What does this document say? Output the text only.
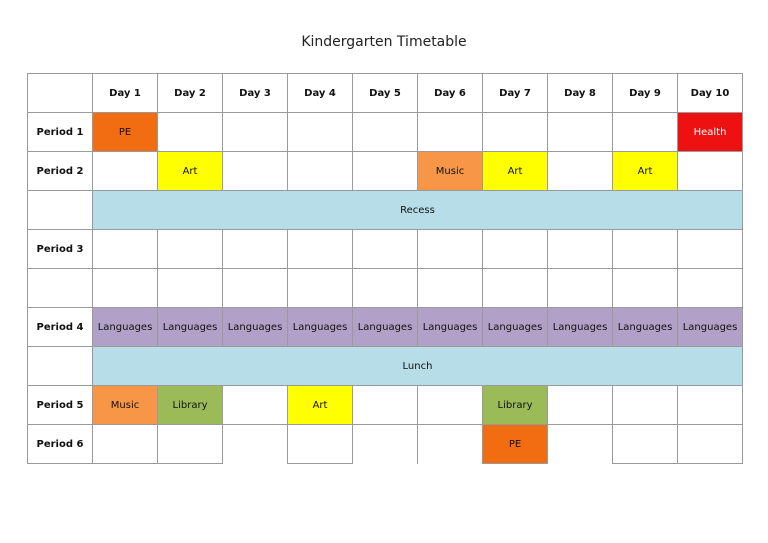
Kindergarten Timetable
	Day 1	Day 2	Day 3	Day 4	Day 5	Day 6	Day 7	Day 8	Day 9	Day 10
Period 1	PE									Health
Period 2		Art				Music	Art		Art	
	Recess									
Period 3										

Period 4	Languages	Languages	Languages	Languages	Languages	Languages	Languages	Languages	Languages	Languages
	Lunch									
Period 5	Music	Library		Art			Library			
Period 6							PE			
